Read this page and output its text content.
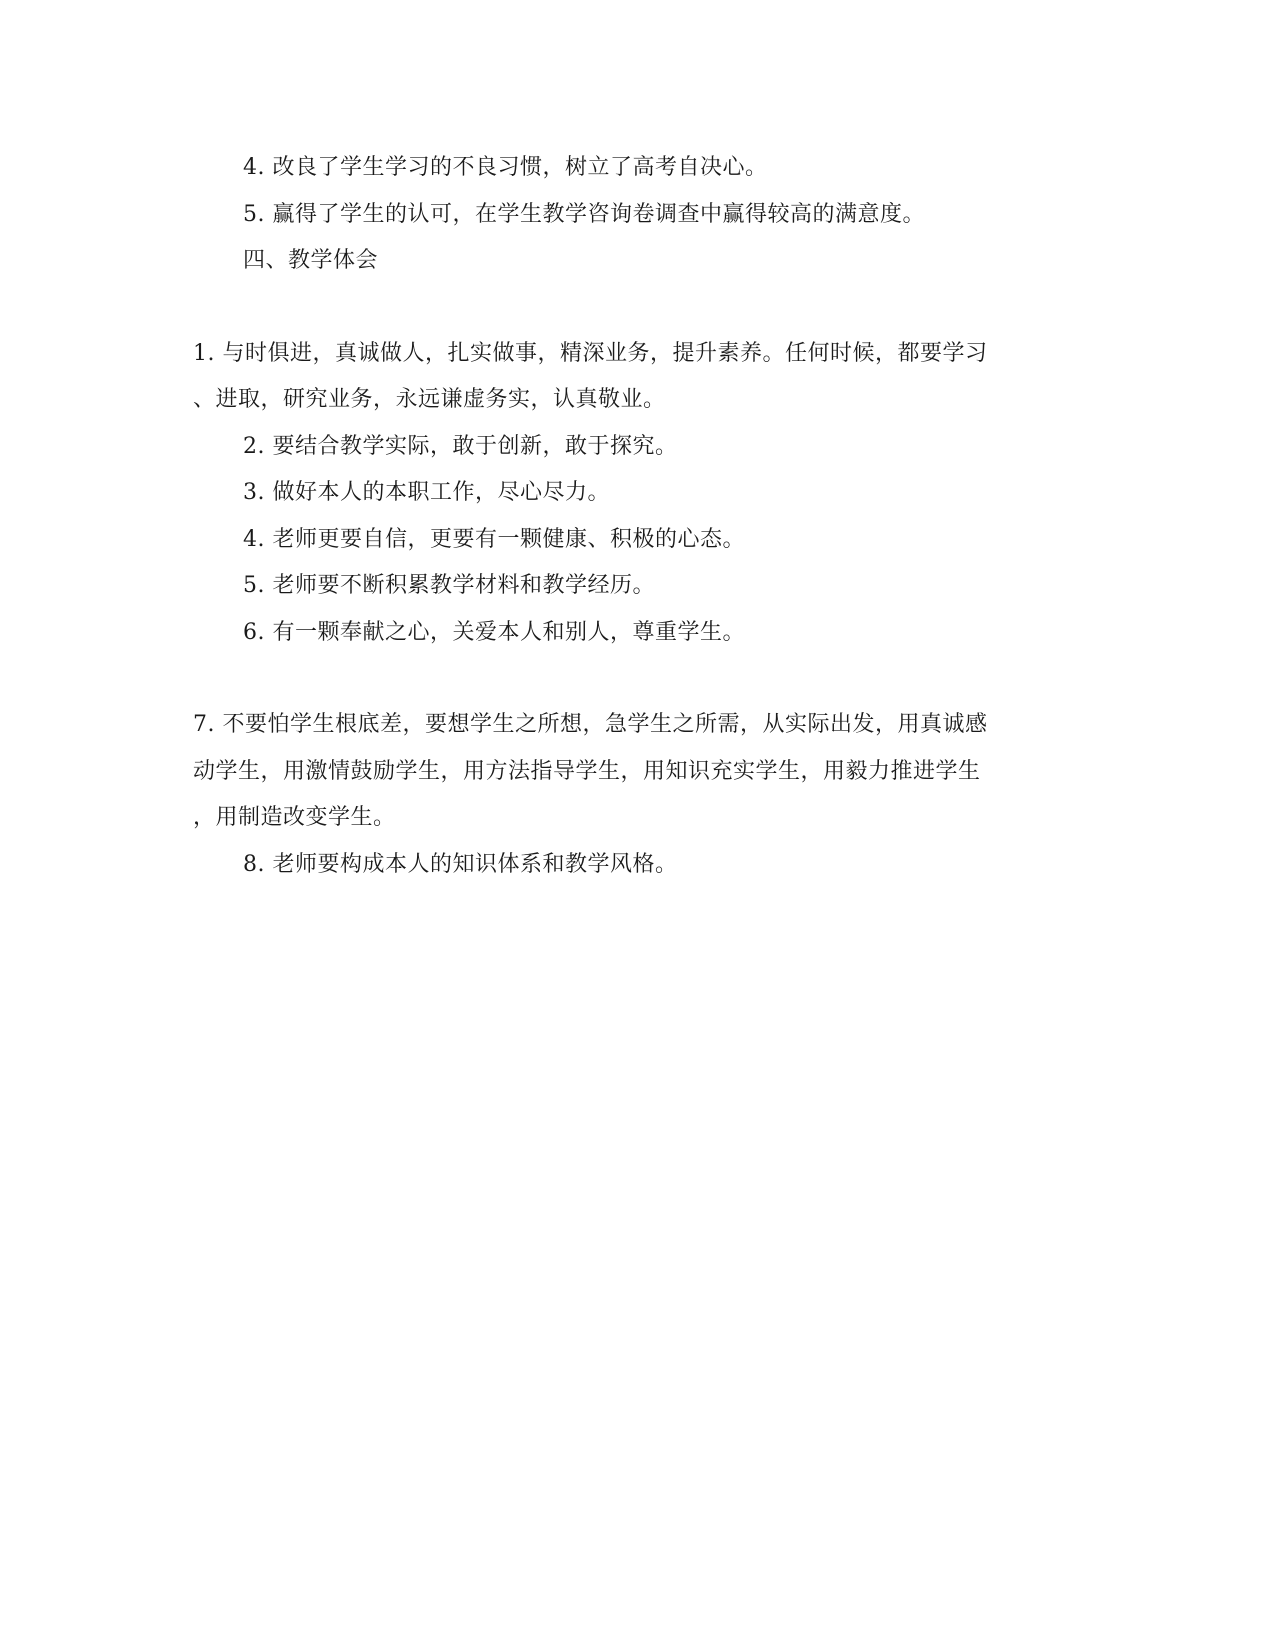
4. 改良了学生学习的不良习惯，树立了高考自决心。
5. 赢得了学生的认可，在学生教学咨询卷调查中赢得较高的满意度。
四、教学体会
1. 与时俱进，真诚做人，扎实做事，精深业务，提升素养。任何时候，都要学习
、进取，研究业务，永远谦虚务实，认真敬业。
2. 要结合教学实际，敢于创新，敢于探究。
3. 做好本人的本职工作，尽心尽力。
4. 老师更要自信，更要有一颗健康、积极的心态。
5. 老师要不断积累教学材料和教学经历。
6. 有一颗奉献之心，关爱本人和别人，尊重学生。
7. 不要怕学生根底差，要想学生之所想，急学生之所需，从实际出发，用真诚感
动学生，用激情鼓励学生，用方法指导学生，用知识充实学生，用毅力推进学生
，用制造改变学生。
8. 老师要构成本人的知识体系和教学风格。
